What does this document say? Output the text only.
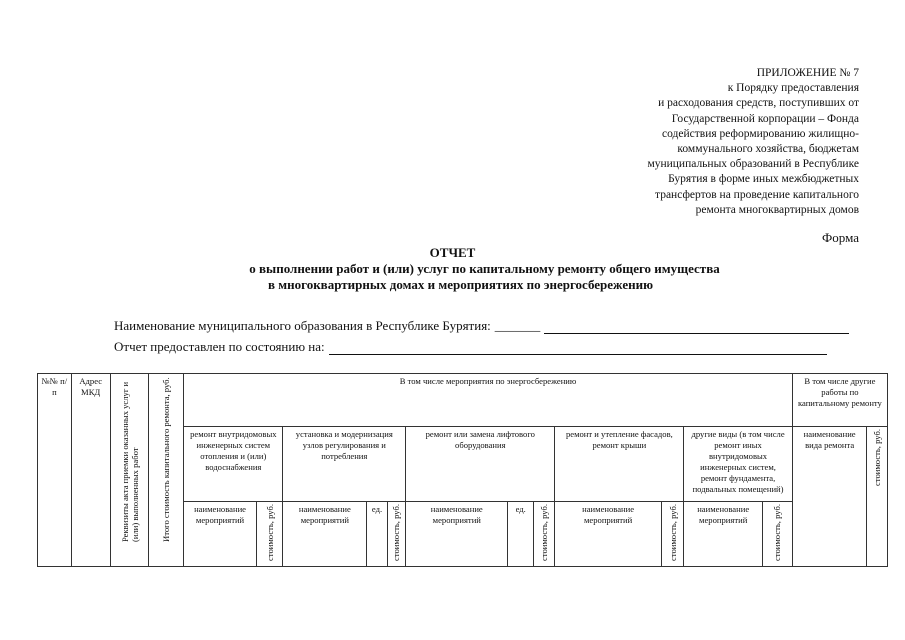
ПРИЛОЖЕНИЕ № 7
к Порядку предоставления
и расходования средств, поступивших от
Государственной корпорации – Фонда
содействия реформированию жилищно-
коммунального хозяйства, бюджетам
муниципальных образований в Республике
Бурятия в форме иных межбюджетных
трансфертов на проведение капитального
ремонта многоквартирных домов
Форма
ОТЧЕТ
о выполнении работ и (или) услуг по капитальному ремонту общего имущества
в многоквартирных домах и мероприятиях по энергосбережению
Наименование муниципального образования в Республике Бурятия: _______
Отчет предоставлен по состоянию на:
№№ п/п	Адрес МКД	Реквизиты акта приемки оказанных услуг и (или) выполненных работ	Итого стоимость капитального ремонта, руб.	В том числе мероприятия по энергосбережению												В том числе другие работы по капитальному ремонту	
				ремонт внутридомовых инженерных систем отопления и (или) водоснабжения		установка и модернизация узлов регулирования и потребления			ремонт или замена лифтового оборудования			ремонт и утепление фасадов, ремонт крыши		другие виды (в том числе ремонт иных внутридомовых инженерных систем, ремонт фундамента, подвальных помещений)		наименование вида ремонта	стоимость, руб.

				наименование мероприятий	стоимость, руб.	наименование мероприятий	ед.	стоимость, руб.	наименование мероприятий	ед.	стоимость, руб.	наименование мероприятий	стоимость, руб.	наименование мероприятий	стоимость, руб.		
